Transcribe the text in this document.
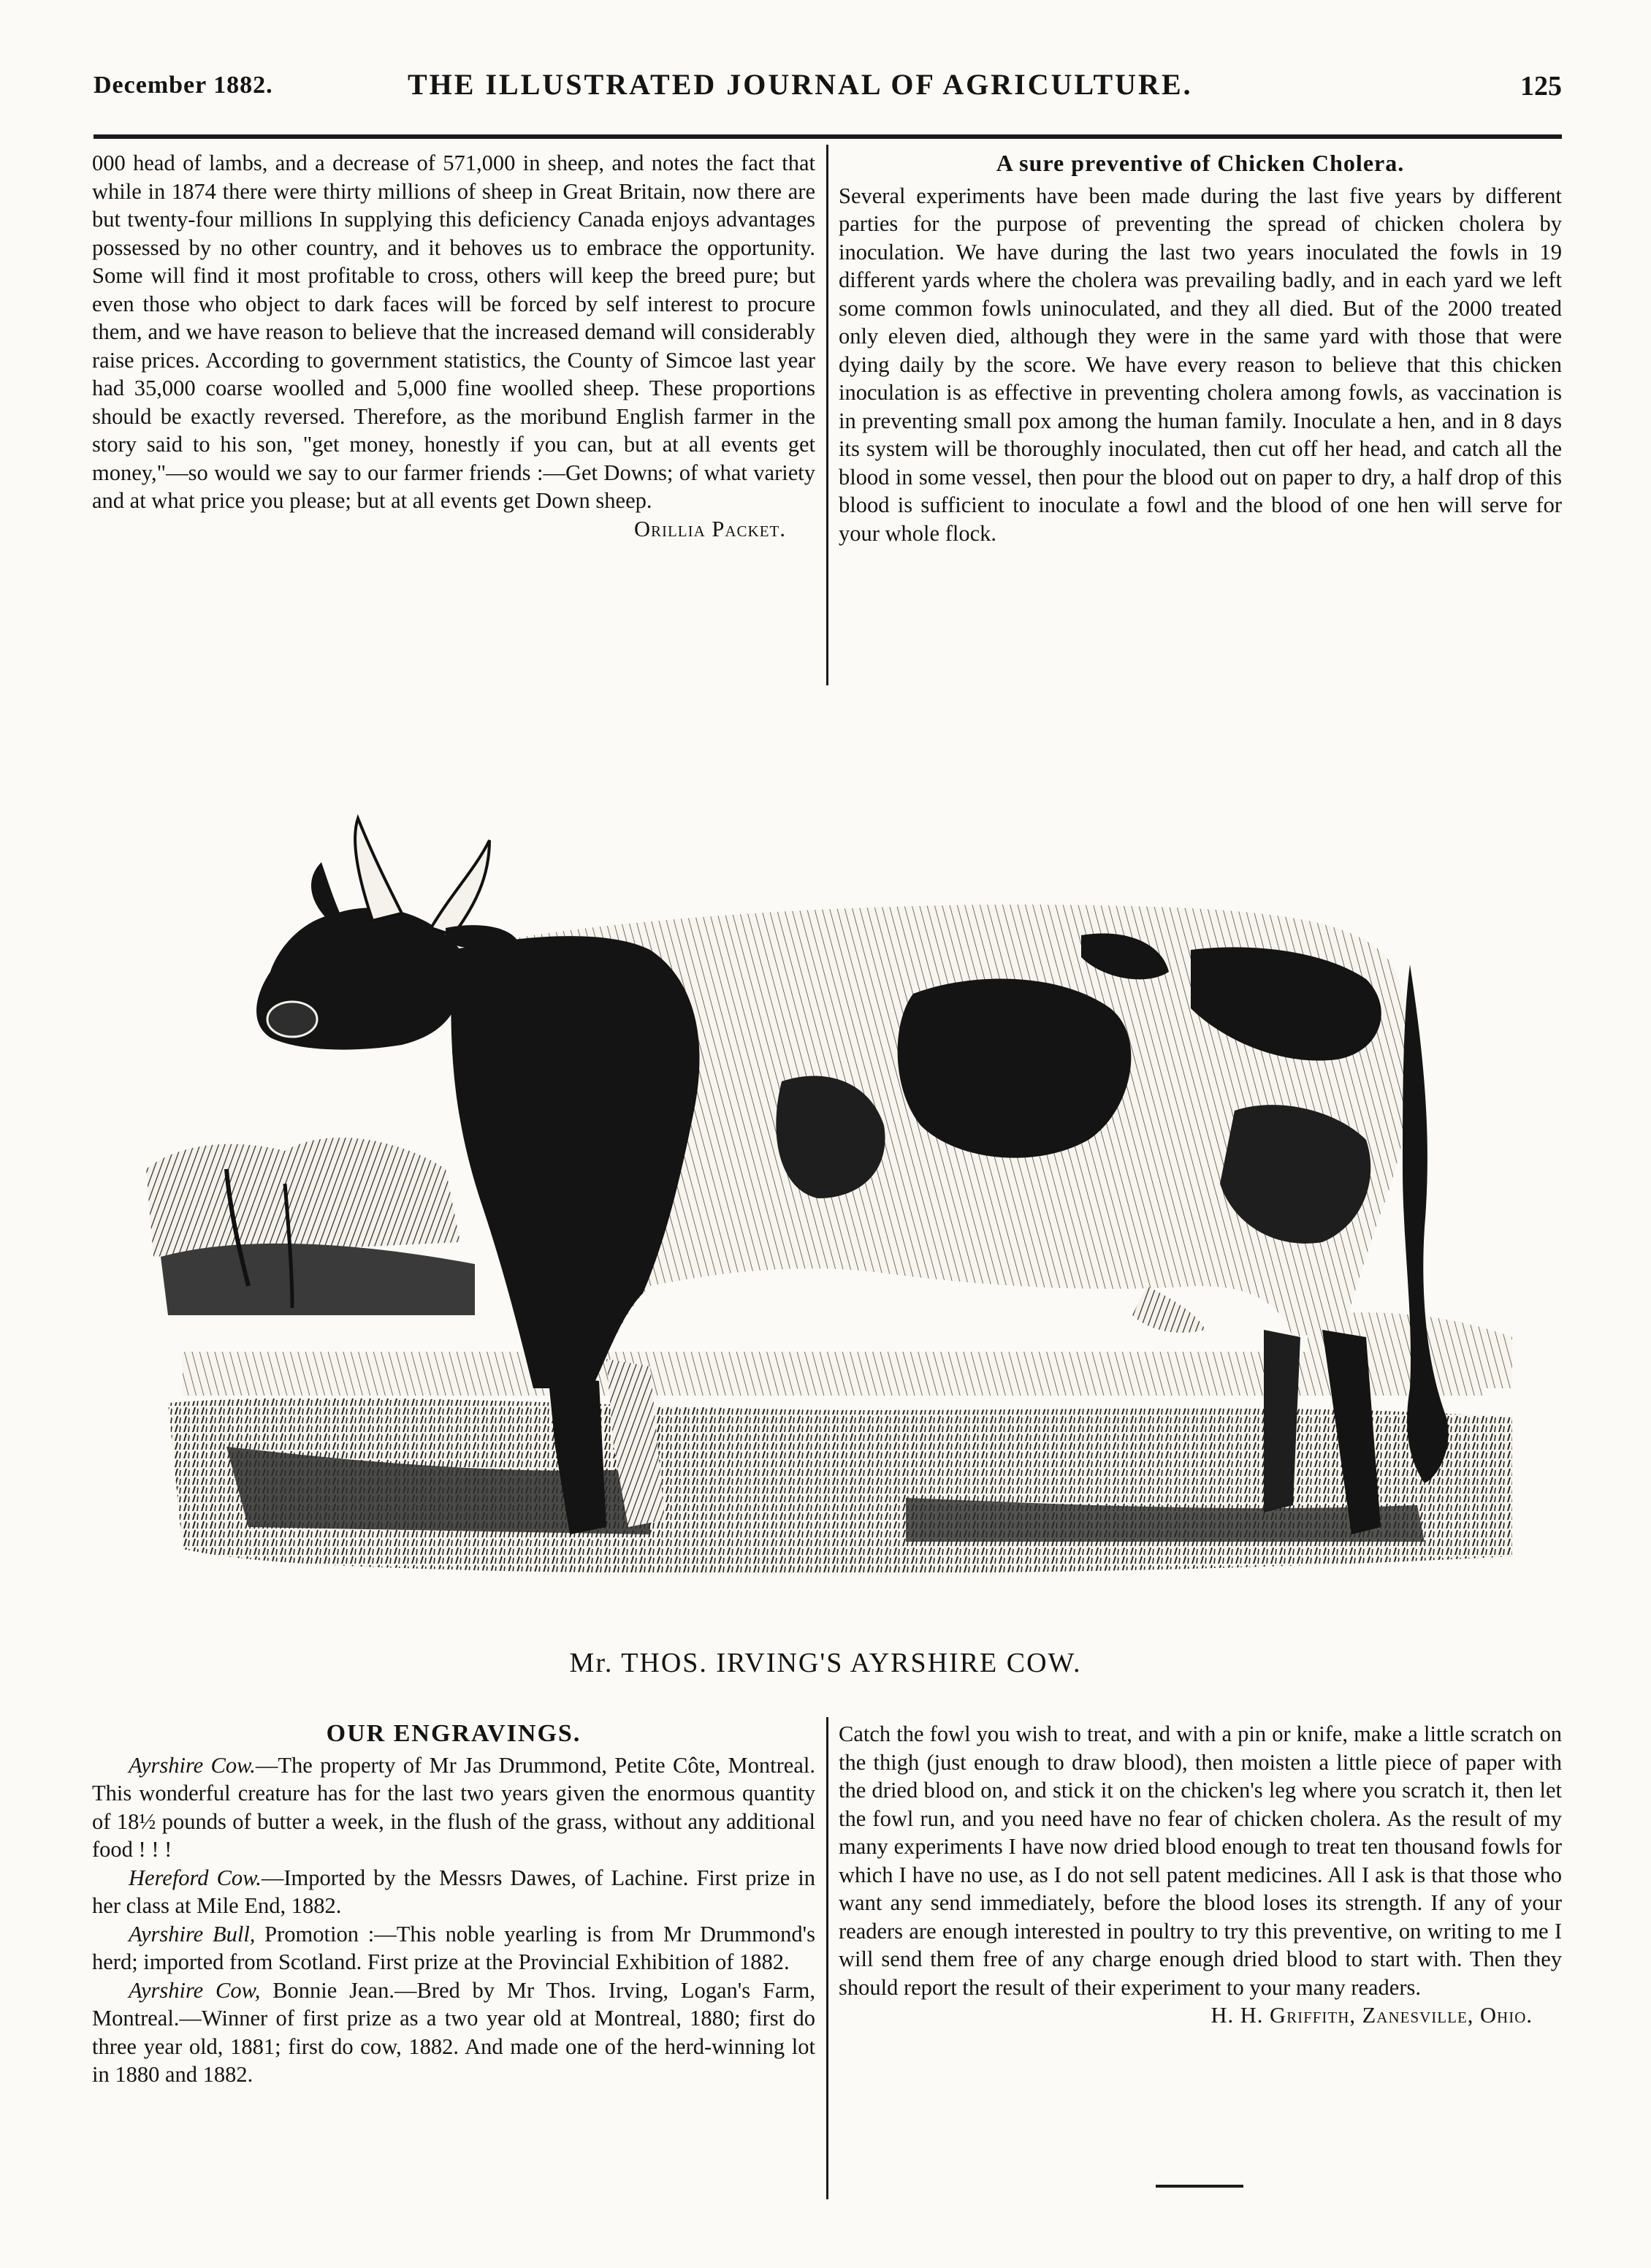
December 1882.	THE ILLUSTRATED JOURNAL OF AGRICULTURE.	125

000 head of lambs, and a decrease of 571,000 in sheep, and notes the fact that while in 1874 there were thirty millions of sheep in Great Britain, now there are but twenty-four millions In supplying this deficiency Canada enjoys advantages possessed by no other country, and it behoves us to embrace the opportunity. Some will find it most profitable to cross, others will keep the breed pure; but even those who object to dark faces will be forced by self interest to procure them, and we have reason to believe that the increased demand will considerably raise prices. According to government statistics, the County of Simcoe last year had 35,000 coarse woolled and 5,000 fine woolled sheep. These proportions should be exactly reversed. Therefore, as the moribund English farmer in the story said to his son, "get money, honestly if you can, but at all events get money,"—so would we say to our farmer friends :—Get Downs; of what variety and at what price you please; but at all events get Down sheep.

Orillia Packet.

A sure preventive of Chicken Cholera.

Several experiments have been made during the last five years by different parties for the purpose of preventing the spread of chicken cholera by inoculation. We have during the last two years inoculated the fowls in 19 different yards where the cholera was prevailing badly, and in each yard we left some common fowls uninoculated, and they all died. But of the 2000 treated only eleven died, although they were in the same yard with those that were dying daily by the score. We have every reason to believe that this chicken inoculation is as effective in preventing cholera among fowls, as vaccination is in preventing small pox among the human family. Inoculate a hen, and in 8 days its system will be thoroughly inoculated, then cut off her head, and catch all the blood in some vessel, then pour the blood out on paper to dry, a half drop of this blood is sufficient to inoculate a fowl and the blood of one hen will serve for your whole flock.

Mr. THOS. IRVING'S AYRSHIRE COW.

OUR ENGRAVINGS.

Ayrshire Cow.—The property of Mr Jas Drummond, Petite Côte, Montreal. This wonderful creature has for the last two years given the enormous quantity of 18½ pounds of butter a week, in the flush of the grass, without any additional food ! ! !

Hereford Cow.—Imported by the Messrs Dawes, of Lachine. First prize in her class at Mile End, 1882.

Ayrshire Bull, Promotion :—This noble yearling is from Mr Drummond's herd; imported from Scotland. First prize at the Provincial Exhibition of 1882.

Ayrshire Cow, Bonnie Jean.—Bred by Mr Thos. Irving, Logan's Farm, Montreal.—Winner of first prize as a two year old at Montreal, 1880; first do three year old, 1881; first do cow, 1882. And made one of the herd-winning lot in 1880 and 1882.

Catch the fowl you wish to treat, and with a pin or knife, make a little scratch on the thigh (just enough to draw blood), then moisten a little piece of paper with the dried blood on, and stick it on the chicken's leg where you scratch it, then let the fowl run, and you need have no fear of chicken cholera. As the result of my many experiments I have now dried blood enough to treat ten thousand fowls for which I have no use, as I do not sell patent medicines. All I ask is that those who want any send immediately, before the blood loses its strength. If any of your readers are enough interested in poultry to try this preventive, on writing to me I will send them free of any charge enough dried blood to start with. Then they should report the result of their experiment to your many readers.

H. H. Griffith, Zanesville, Ohio.
